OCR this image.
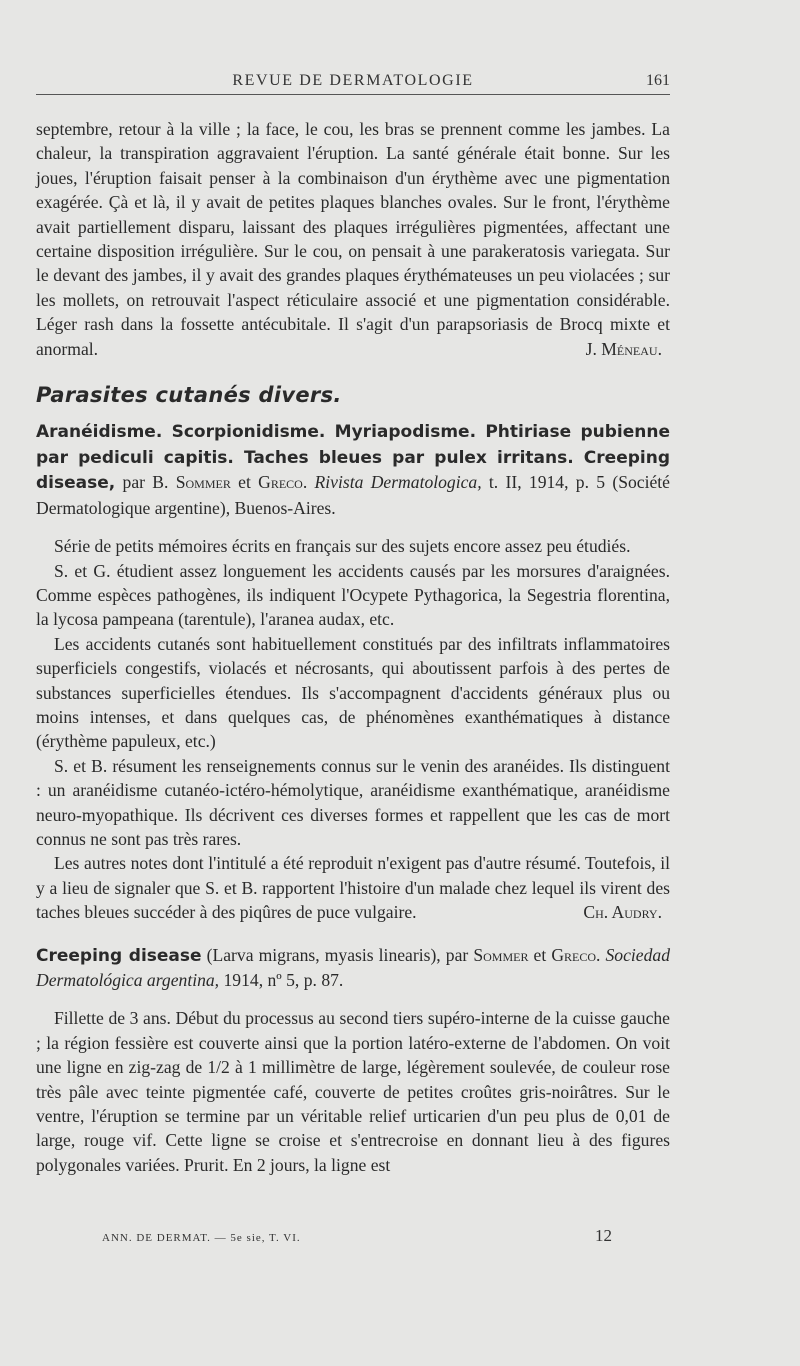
REVUE DE DERMATOLOGIE	161

septembre, retour à la ville ; la face, le cou, les bras se prennent comme les jambes. La chaleur, la transpiration aggravaient l'éruption. La santé générale était bonne. Sur les joues, l'éruption faisait penser à la combinaison d'un érythème avec une pigmentation exagérée. Çà et là, il y avait de petites plaques blanches ovales. Sur le front, l'érythème avait partiellement disparu, laissant des plaques irrégulières pigmentées, affectant une certaine disposition irrégulière. Sur le cou, on pensait à une parakeratosis variegata. Sur le devant des jambes, il y avait des grandes plaques érythémateuses un peu violacées ; sur les mollets, on retrouvait l'aspect réticulaire associé et une pigmentation considérable. Léger rash dans la fossette antécubitale. Il s'agit d'un parapsoriasis de Brocq mixte et anormal.	J. Méneau.

Parasites cutanés divers.

Aranéidisme. Scorpionidisme. Myriapodisme. Phtiriase pubienne par pediculi capitis. Taches bleues par pulex irritans. Creeping disease, par B. Sommer et Greco. Rivista Dermatologica, t. II, 1914, p. 5 (Société Dermatologique argentine), Buenos-Aires.

Série de petits mémoires écrits en français sur des sujets encore assez peu étudiés.

S. et G. étudient assez longuement les accidents causés par les morsures d'araignées. Comme espèces pathogènes, ils indiquent l'Ocypete Pythagorica, la Segestria florentina, la lycosa pampeana (tarentule), l'aranea audax, etc.

Les accidents cutanés sont habituellement constitués par des infiltrats inflammatoires superficiels congestifs, violacés et nécrosants, qui aboutissent parfois à des pertes de substances superficielles étendues. Ils s'accompagnent d'accidents généraux plus ou moins intenses, et dans quelques cas, de phénomènes exanthématiques à distance (érythème papuleux, etc.)

S. et B. résument les renseignements connus sur le venin des aranéides. Ils distinguent : un aranéidisme cutanéo-ictéro-hémolytique, aranéidisme exanthématique, aranéidisme neuro-myopathique. Ils décrivent ces diverses formes et rappellent que les cas de mort connus ne sont pas très rares.

Les autres notes dont l'intitulé a été reproduit n'exigent pas d'autre résumé. Toutefois, il y a lieu de signaler que S. et B. rapportent l'histoire d'un malade chez lequel ils virent des taches bleues succéder à des piqûres de puce vulgaire.	Ch. Audry.

Creeping disease (Larva migrans, myasis linearis), par Sommer et Greco. Sociedad Dermatológica argentina, 1914, nº 5, p. 87.

Fillette de 3 ans. Début du processus au second tiers supéro-interne de la cuisse gauche ; la région fessière est couverte ainsi que la portion latéro-externe de l'abdomen. On voit une ligne en zig-zag de 1/2 à 1 millimètre de large, légèrement soulevée, de couleur rose très pâle avec teinte pigmentée café, couverte de petites croûtes gris-noirâtres. Sur le ventre, l'éruption se termine par un véritable relief urticarien d'un peu plus de 0,01 de large, rouge vif. Cette ligne se croise et s'entrecroise en donnant lieu à des figures polygonales variées. Prurit. En 2 jours, la ligne est

ANN. DE DERMAT. — 5e sie, T. VI.	12
